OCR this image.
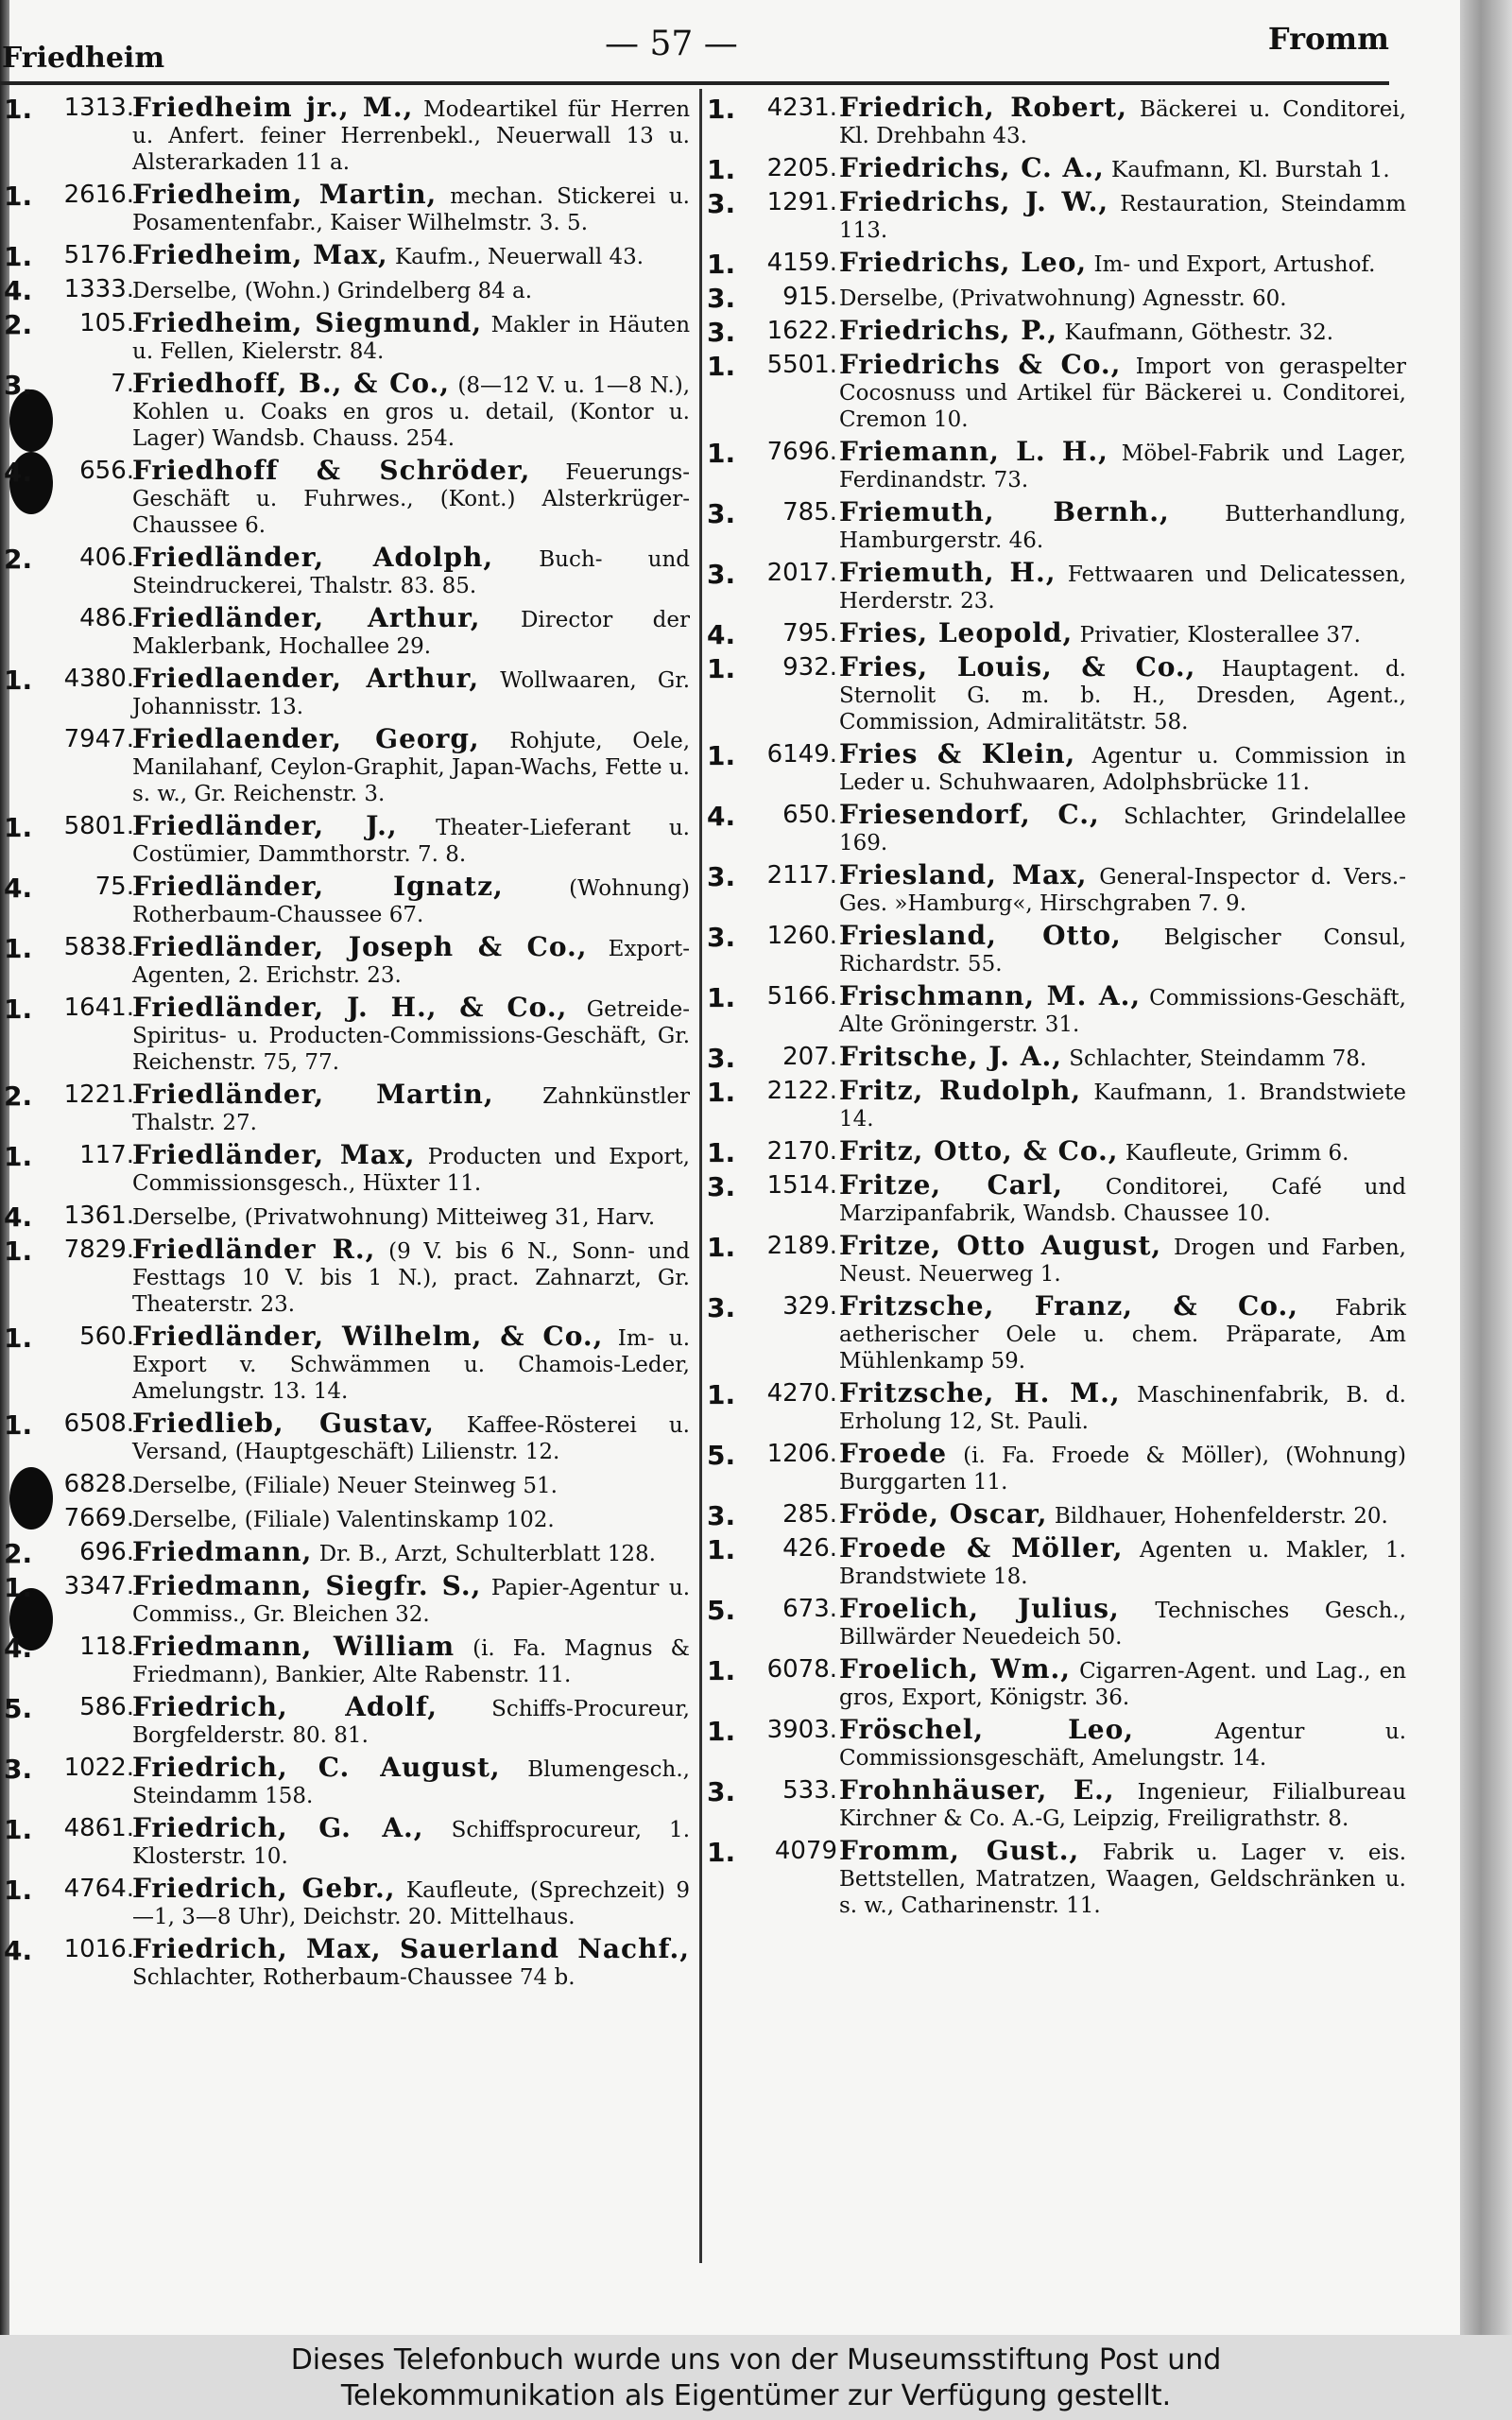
Friedheim	— 57 —	Fromm
1.	1313.
Friedheim jr., M., Modeartikel für Herren u. Anfert. feiner Herrenbekl., Neuerwall 13 u. Alsterarkaden 11 a.
1.	2616.
Friedheim, Martin, mechan. Stickerei u. Posamentenfabr., Kaiser Wilhelmstr. 3. 5.
1.	5176.
Friedheim, Max, Kaufm., Neuerwall 43.
4.	1333.
Derselbe, (Wohn.) Grindelberg 84 a.
2.	105.
Friedheim, Siegmund, Makler in Häuten u. Fellen, Kielerstr. 84.
3.	7.
Friedhoff, B., & Co., (8—12 V. u. 1—8 N.), Kohlen u. Coaks en gros u. detail, (Kontor u. Lager) Wandsb. Chauss. 254.
4.	656.
Friedhoff & Schröder, Feuerungs-Geschäft u. Fuhrwes., (Kont.) Alsterkrüger-Chaussee 6.
2.	406.
Friedländer, Adolph, Buch- und Steindruckerei, Thalstr. 83. 85.
486.
Friedländer, Arthur, Director der Maklerbank, Hochallee 29.
1.	4380.
Friedlaender, Arthur, Wollwaaren, Gr. Johannisstr. 13.
7947.
Friedlaender, Georg, Rohjute, Oele, Manilahanf, Ceylon-Graphit, Japan-Wachs, Fette u. s. w., Gr. Reichenstr. 3.
1.	5801.
Friedländer, J., Theater-Lieferant u. Costümier, Dammthorstr. 7. 8.
4.	75.
Friedländer, Ignatz,	(Wohnung) Rotherbaum-Chaussee 67.
1.	5838.
Friedländer, Joseph & Co., Export-Agenten, 2. Erichstr. 23.
1.	1641.
Friedländer, J. H., & Co., Getreide-Spiritus- u. Producten-Commissions-Geschäft, Gr. Reichenstr. 75, 77.
2.	1221.
Friedländer, Martin, Zahnkünstler Thalstr. 27.
1.	117.
Friedländer, Max, Producten und Export, Commissionsgesch., Hüxter 11.
4.	1361.
Derselbe, (Privatwohnung) Mitteiweg 31, Harv.
1.	7829.
Friedländer R., (9 V. bis 6 N., Sonn- und Festtags 10 V. bis 1 N.), pract. Zahnarzt, Gr. Theaterstr. 23.
1.	560.
Friedländer, Wilhelm, & Co., Im- u. Export v. Schwämmen u. Chamois-Leder, Amelungstr. 13. 14.
1.	6508.
Friedlieb, Gustav, Kaffee-Rösterei u. Versand, (Hauptgeschäft) Lilienstr. 12.
6828.
Derselbe, (Filiale) Neuer Steinweg 51.
7669.
Derselbe, (Filiale) Valentinskamp 102.
2.	696.
Friedmann, Dr. B., Arzt, Schulterblatt 128.
1.	3347.
Friedmann, Siegfr. S., Papier-Agentur u. Commiss., Gr. Bleichen 32.
4.	118.
Friedmann, William (i. Fa. Magnus & Friedmann), Bankier, Alte Rabenstr. 11.
5.	586.
Friedrich, Adolf, Schiffs-Procureur, Borgfelderstr. 80. 81.
3.	1022.
Friedrich, C. August, Blumengesch., Steindamm 158.
1.	4861.
Friedrich, G. A., Schiffsprocureur, 1. Klosterstr. 10.
1.	4764.
Friedrich, Gebr., Kaufleute, (Sprechzeit) 9—1, 3—8 Uhr), Deichstr. 20. Mittelhaus.
4.	1016.
Friedrich, Max, Sauerland Nachf., Schlachter, Rotherbaum-Chaussee 74 b.
1.	4231. Friedrich, Robert, Bäckerei u. Conditorei, Kl. Drehbahn 43.
1.	2205. Friedrichs, C. A., Kaufmann, Kl. Burstah 1.
3.	1291. Friedrichs, J. W., Restauration, Steindamm 113.
1.	4159. Friedrichs, Leo, Im- und Export, Artushof.
3.	915. Derselbe, (Privatwohnung) Agnesstr. 60.
3.	1622. Friedrichs, P., Kaufmann, Göthestr. 32.
1.	5501. Friedrichs & Co., Import von geraspelter Cocosnuss und Artikel für Bäckerei u. Conditorei, Cremon 10.
1.	7696. Friemann, L. H., Möbel-Fabrik und Lager, Ferdinandstr. 73.
3.	785. Friemuth, Bernh.,	Butterhandlung, Hamburgerstr. 46.
3.	2017. Friemuth, H., Fettwaaren und Delicatessen, Herderstr. 23.
4.	795. Fries, Leopold, Privatier, Klosterallee 37.
1.	932. Fries, Louis, & Co., Hauptagent. d. Sternolit G. m. b. H., Dresden, Agent., Commission, Admiralitätstr. 58.
1.	6149. Fries & Klein, Agentur u. Commission in Leder u. Schuhwaaren, Adolphsbrücke 11.
4.	650. Friesendorf, C., Schlachter, Grindelallee 169.
3.	2117. Friesland, Max, General-Inspector d. Vers.-Ges. »Hamburg«, Hirschgraben 7. 9.
3.	1260. Friesland, Otto, Belgischer Consul, Richardstr. 55.
1.	5166. Frischmann, M. A., Commissions-Geschäft, Alte Gröningerstr. 31.
3.	207. Fritsche, J. A., Schlachter, Steindamm 78.
1.	2122. Fritz, Rudolph, Kaufmann, 1. Brandstwiete 14.
1.	2170. Fritz, Otto, & Co., Kaufleute, Grimm 6.
3.	1514. Fritze, Carl, Conditorei, Café und Marzipanfabrik, Wandsb. Chaussee 10.
1.	2189. Fritze, Otto August, Drogen und Farben, Neust. Neuerweg 1.
3.	329. Fritzsche, Franz, & Co., Fabrik aetherischer Oele u. chem. Präparate, Am Mühlenkamp 59.
1.	4270. Fritzsche, H. M., Maschinenfabrik, B. d. Erholung 12, St. Pauli.
5.	1206. Froede (i. Fa. Froede & Möller), (Wohnung) Burggarten 11.
3.	285. Fröde, Oscar, Bildhauer, Hohenfelderstr. 20.
1.	426. Froede & Möller, Agenten u. Makler, 1. Brandstwiete 18.
5.	673. Froelich, Julius, Technisches Gesch., Billwärder Neuedeich 50.
1.	6078. Froelich, Wm., Cigarren-Agent. und Lag., en gros, Export, Königstr. 36.
1.	3903. Fröschel, Leo,	Agentur u. Commissionsgeschäft, Amelungstr. 14.
3.	533. Frohnhäuser, E., Ingenieur, Filialbureau Kirchner & Co. A.-G, Leipzig, Freiligrathstr. 8.
1.	4079 Fromm, Gust., Fabrik u. Lager v. eis. Bettstellen, Matratzen, Waagen, Geldschränken u. s. w., Catharinenstr. 11.
Dieses Telefonbuch wurde uns von der Museumsstiftung Post und
Telekommunikation als Eigentümer zur Verfügung gestellt.
